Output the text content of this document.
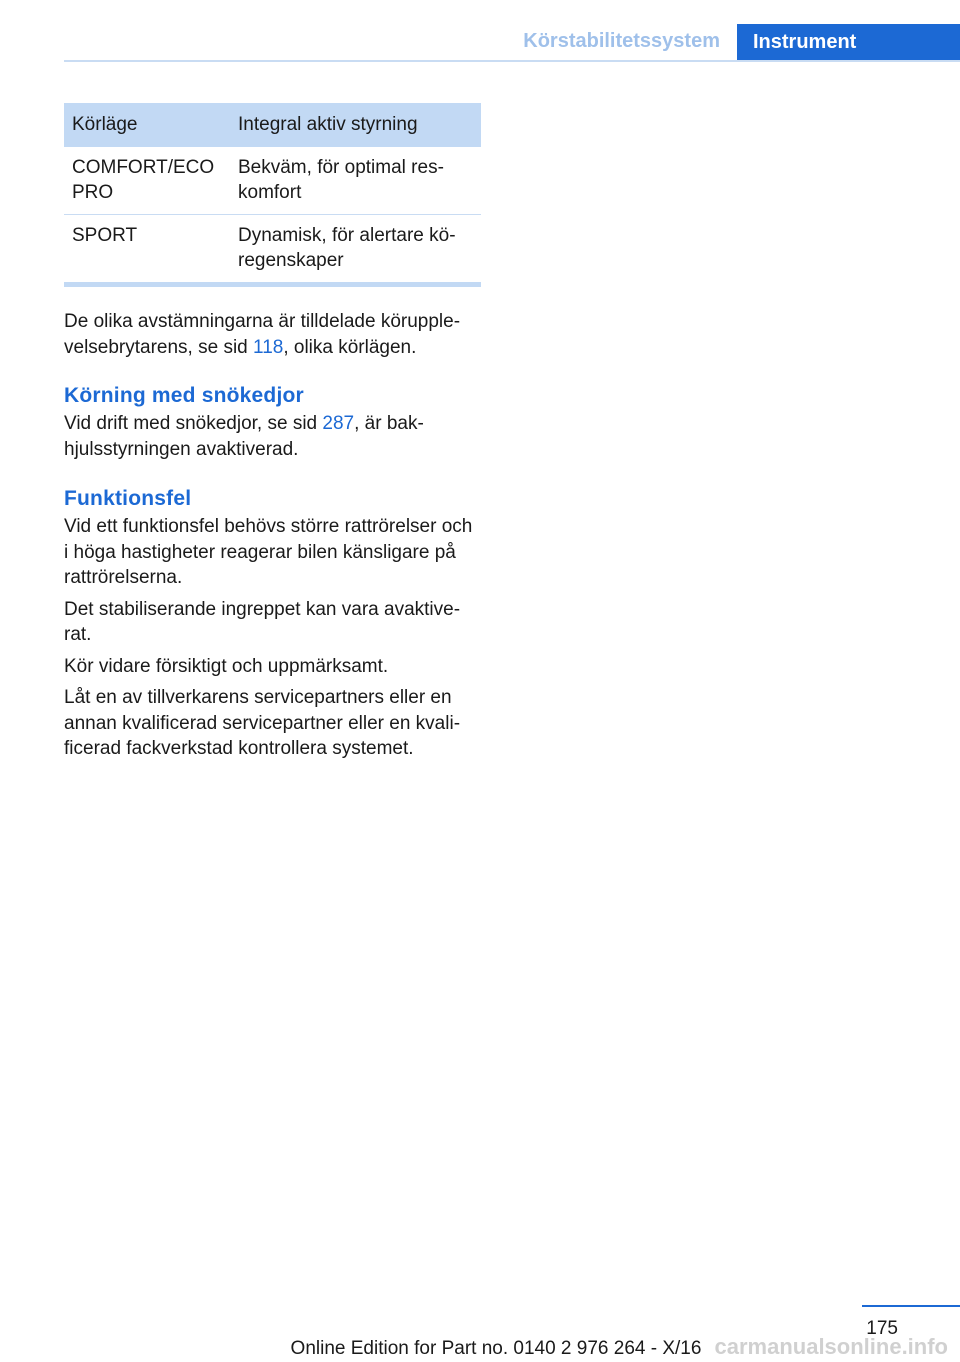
Körstabilitetssystem	Instrument
Körläge	Integral aktiv styrning
COMFORT/ECO PRO	Bekväm, för optimal reskomfort
SPORT	Dynamisk, för alertare köregenskaper

De olika avstämningarna är tilldelade körupplevelsebrytarens, se sid 118, olika körlägen.

Körning med snökedjor

Vid drift med snökedjor, se sid 287, är bakhjulsstyrningen avaktiverad.

Funktionsfel

Vid ett funktionsfel behövs större rattrörelser och i höga hastigheter reagerar bilen känsligare på rattrörelserna.

Det stabiliserande ingreppet kan vara avaktiverat.

Kör vidare försiktigt och uppmärksamt.

Låt en av tillverkarens servicepartners eller en annan kvalificerad servicepartner eller en kvalificerad fackverkstad kontrollera systemet.

175
Online Edition for Part no. 0140 2 976 264 - X/16 carmanualsonline.info
